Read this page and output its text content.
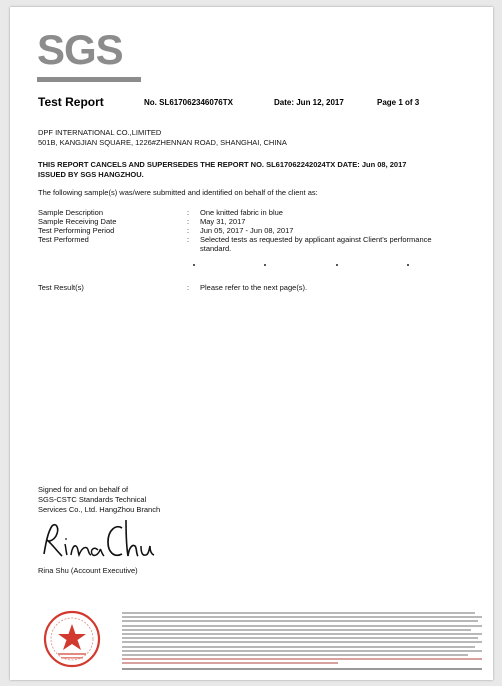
SGS
Test Report	No. SL617062346076TX	Date: Jun 12, 2017	Page 1 of 3
DPF INTERNATIONAL CO.,LIMITED
501B, KANGJIAN SQUARE, 1226#ZHENNAN ROAD, SHANGHAI, CHINA
THIS REPORT CANCELS AND SUPERSEDES THE REPORT NO. SL617062242024TX DATE: Jun 08, 2017
ISSUED BY SGS HANGZHOU.
The following sample(s) was/were submitted and identified on behalf of the client as:
Sample Description	: One knitted fabric in blue
Sample Receiving Date	: May 31, 2017
Test Performing Period	: Jun 05, 2017 - Jun 08, 2017
Test Performed	: Selected tests as requested by applicant against Client's performance
standard.
Test Result(s)	: Please refer to the next page(s).
Signed for and on behalf of
SGS-CSTC Standards Technical
Services Co., Ltd. HangZhou Branch
Rina Shu (Account Executive)
